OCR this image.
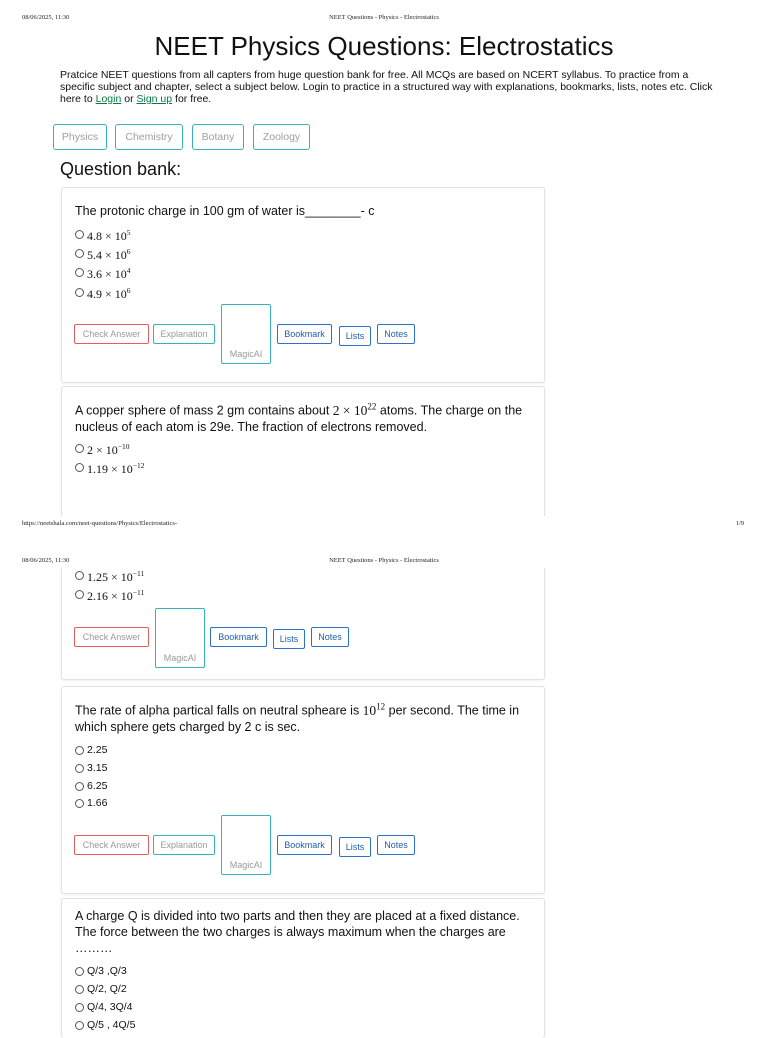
08/06/2025, 11:30	NEET Questions - Physics - Electrostatics
NEET Physics Questions: Electrostatics
Pratcice NEET questions from all capters from huge question bank for free. All MCQs are based on NCERT syllabus. To practice from a specific subject and chapter, select a subject below. Login to practice in a structured way with explanations, bookmarks, lists, notes etc. Click here to Login or Sign up for free.
Physics	Chemistry	Botany	Zoology
Question bank:
The protonic charge in 100 gm of water is________- c
$4.8 \times 10^5$
$5.4 \times 10^6$
$3.6 \times 10^4$
$4.9 \times 10^6$
Check Answer	Explanation
MagicAI
Bookmark	Lists	Notes
A copper sphere of mass 2 gm contains about $2 \times 10^{22}$ atoms. The charge on the nucleus of each atom is 29e. The fraction of electrons removed.
$2 \times 10^{-10}$
$1.19 \times 10^{-12}$
https://neetshala.com/neet-questions/Physics/Electrostatics-	1/9
08/06/2025, 11:30	NEET Questions - Physics - Electrostatics
$1.25 \times 10^{-11}$
$2.16 \times 10^{-11}$
Check Answer
MagicAI
Bookmark	Lists	Notes
The rate of alpha partical falls on neutral spheare is $10^{12}$ per second. The time in which sphere gets charged by 2 c is sec.
2.25
3.15
6.25
1.66
Check Answer	Explanation
MagicAI
Bookmark	Lists	Notes
A charge Q is divided into two parts and then they are placed at a fixed distance. The force between the two charges is always maximum when the charges are ………
Q/3 ,Q/3
Q/2, Q/2
Q/4, 3Q/4
Q/5 , 4Q/5
